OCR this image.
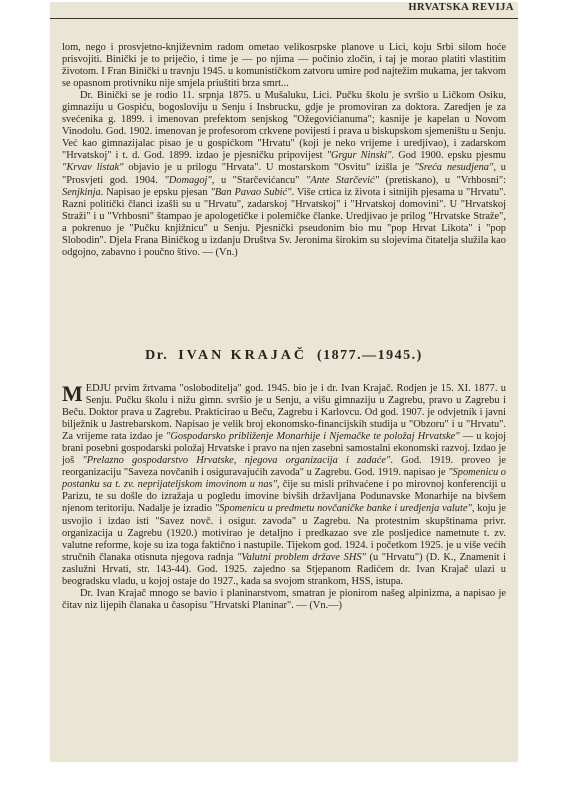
HRVATSKA REVIJA

lom, nego i prosvjetno-književnim radom ometao velikosrpske planove u Lici, koju Srbi silom hoće prisvojiti. Binički je to priječio, i time je — po njima — počinio zločin, i taj je morao platiti vlastitim životom. I Fran Binički u travnju 1945. u komunističkom zatvoru umire pod najtežim mukama, jer takvom se opasnom protivniku nije smjela priuštiti brza smrt...

Dr. Binički se je rodio 11. srpnja 1875. u Mušaluku, Lici. Pučku školu je svršio u Ličkom Osiku, gimnaziju u Gospiću, bogosloviju u Senju i Insbrucku, gdje je promoviran za doktora. Zaredjen je za svećenika g. 1899. i imenovan prefektom senjskog "Ožegovićianuma"; kasnije je kapelan u Novom Vinodolu. God. 1902. imenovan je profesorom crkvene povijesti i prava u biskupskom sjemeništu u Senju. Već kao gimnazijalac pisao je u gospićkom "Hrvatu" (koji je neko vrijeme i uredjivao), i zadarskom "Hrvatskoj" i t. d. God. 1899. izdao je pjesničku pripovijest "Grgur Ninski". God 1900. epsku pjesmu "Krvav listak" objavio je u prilogu "Hrvata". U mostarskom "Osvitu" izišla je "Sreća nesudjena", u "Prosvjeti god. 1904. "Domagoj", u "Starčevićancu" "Ante Starčević" (pretiskano), u "Vrhbosni": Senjkinja. Napisao je epsku pjesan "Ban Pavao Subić". Više crtica iz života i sitnijih pjesama u "Hrvatu". Razni politički članci izašli su u "Hrvatu", zadarskoj "Hrvatskoj" i "Hrvatskoj domovini". U "Hrvatskoj Straži" i u "Vrhbosni" štampao je apologetičke i polemičke članke. Uredjivao je prilog "Hrvatske Straže", a pokrenuo je "Pučku knjižnicu" u Senju. Pjesnički pseudonim bio mu "pop Hrvat Likota" i "pop Slobodin". Djela Frana Biničkog u izdanju Društva Sv. Jeronima širokim su slojevima čitatelja služila kao odgojno, zabavno i poučno štivo. — (Vn.)

Dr. IVAN KRAJAČ (1877.—1945.)

MEDJU prvim žrtvama "osloboditelja" god. 1945. bio je i dr. Ivan Krajač. Rodjen je 15. XI. 1877. u Senju. Pučku školu i nižu gimn. svršio je u Senju, a višu gimnaziju u Zagrebu, pravo u Zagrebu i Beču. Doktor prava u Zagrebu. Prakticirao u Beču, Zagrebu i Karlovcu. Od god. 1907. je odvjetnik i javni bilježnik u Jastrebarskom. Napisao je velik broj ekonomsko-financijskih studija u "Obzoru" i u "Hrvatu". Za vrijeme rata izdao je "Gospodarsko približenje Monarhije i Njemačke te položaj Hrvatske" — u kojoj brani posebni gospodarski položaj Hrvatske i pravo na njen zasebni samostalni ekonomski razvoj. Izdao je još "Prelazno gospodarstvo Hrvatske, njegova organizacija i zadaće". God. 1919. proveo je reorganizaciju "Saveza novčanih i osiguravajućih zavoda" u Zagrebu. God. 1919. napisao je "Spomenicu o postanku sa t. zv. neprijateljskom imovinom u nas", čije su misli prihvaćene i po mirovnoj konferenciji u Parizu, te su došle do izražaja u pogledu imovine bivših državljana Podunavske Monarhije na bivšem njenom teritoriju. Nadalje je izradio "Spomenicu u predmetu novčaničke banke i uredjenja valute", koju je usvojio i izdao isti "Savez novč. i osigur. zavoda" u Zagrebu. Na protestnim skupštinama privr. organizacija u Zagrebu (1920.) motivirao je detaljno i predkazao sve zle posljedice nametnute t. zv. valutne reforme, koje su iza toga faktično i nastupile. Tijekom god. 1924. i početkom 1925. je u više većih stručnih članaka otisnuta njegova radnja "Valutni problem države SHS" (u "Hrvatu") (D. K., Znamenit i zaslužni Hrvati, str. 143-44). God. 1925. zajedno sa Stjepanom Radićem dr. Ivan Krajač ulazi u beogradsku vladu, u kojoj ostaje do 1927., kada sa svojom strankom, HSS, istupa.

Dr. Ivan Krajač mnogo se bavio i planinarstvom, smatran je pionirom našeg alpinizma, a napisao je čitav niz lijepih članaka u časopisu "Hrvatski Planinar". — (Vn.—)
